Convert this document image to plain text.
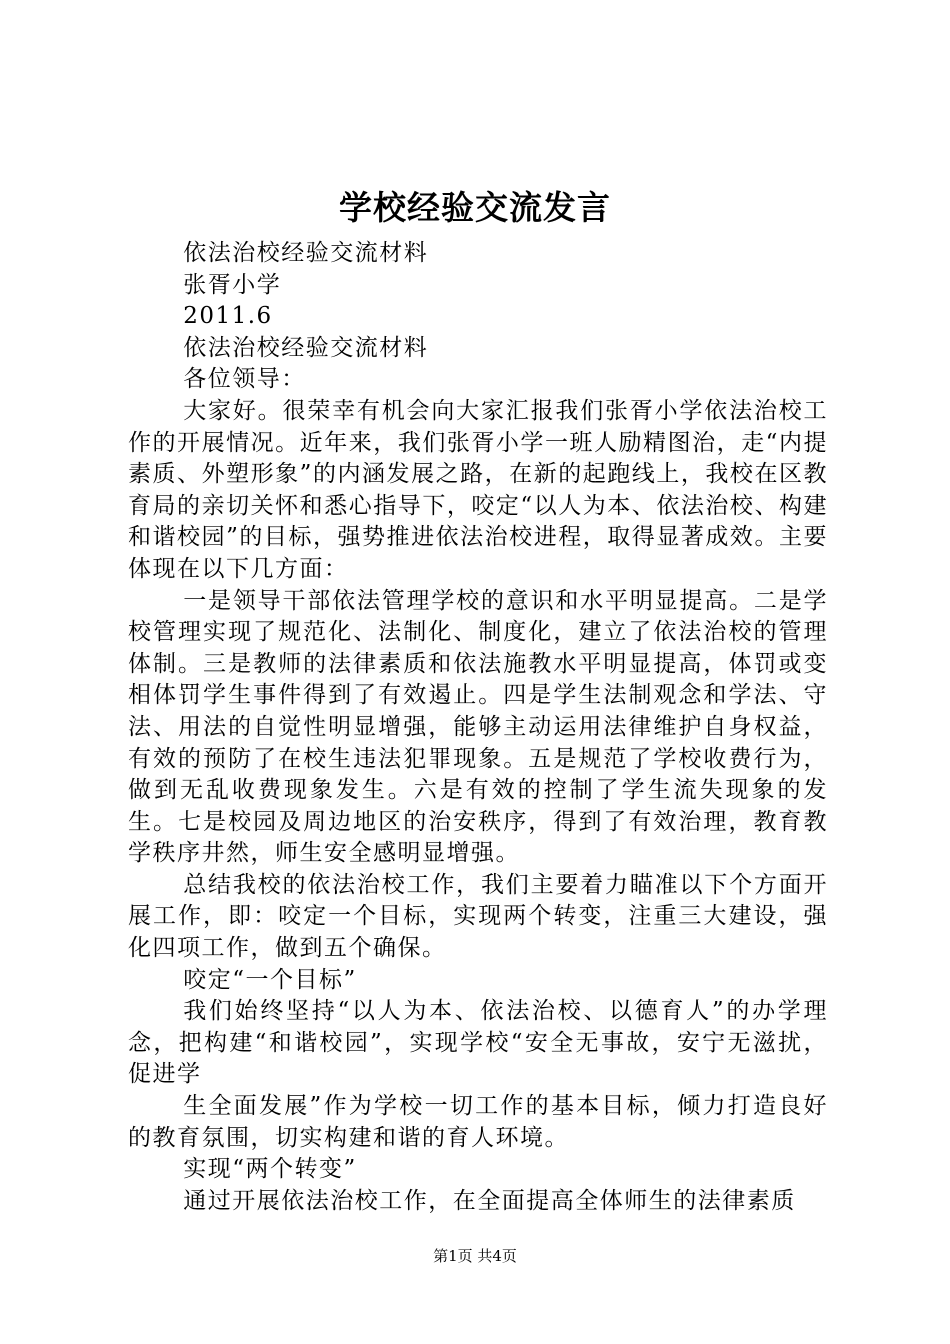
学校经验交流发言

依法治校经验交流材料

张胥小学

2011.6

依法治校经验交流材料

各位领导：

大家好。很荣幸有机会向大家汇报我们张胥小学依法治校工作的开展情况。近年来，我们张胥小学一班人励精图治，走“内提素质、外塑形象”的内涵发展之路，在新的起跑线上，我校在区教育局的亲切关怀和悉心指导下，咬定“以人为本、依法治校、构建和谐校园”的目标，强势推进依法治校进程，取得显著成效。主要体现在以下几方面：

一是领导干部依法管理学校的意识和水平明显提高。二是学校管理实现了规范化、法制化、制度化，建立了依法治校的管理体制。三是教师的法律素质和依法施教水平明显提高，体罚或变相体罚学生事件得到了有效遏止。四是学生法制观念和学法、守法、用法的自觉性明显增强，能够主动运用法律维护自身权益，有效的预防了在校生违法犯罪现象。五是规范了学校收费行为，做到无乱收费现象发生。六是有效的控制了学生流失现象的发生。七是校园及周边地区的治安秩序，得到了有效治理，教育教学秩序井然，师生安全感明显增强。

总结我校的依法治校工作，我们主要着力瞄准以下个方面开展工作，即：咬定一个目标，实现两个转变，注重三大建设，强化四项工作，做到五个确保。

咬定“一个目标”

我们始终坚持“以人为本、依法治校、以德育人”的办学理念，把构建“和谐校园”，实现学校“安全无事故，安宁无滋扰，促进学

生全面发展”作为学校一切工作的基本目标，倾力打造良好的教育氛围，切实构建和谐的育人环境。

实现“两个转变”

通过开展依法治校工作，在全面提高全体师生的法律素质

第1页 共4页
